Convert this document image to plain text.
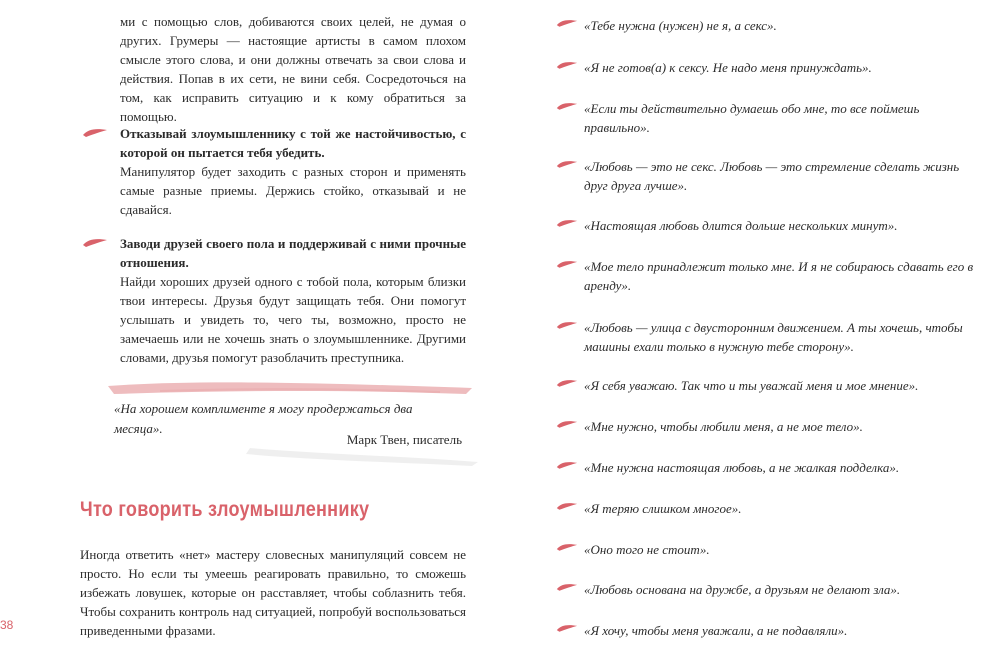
ми с помощью слов, добиваются своих целей, не думая о других. Грумеры — настоящие артисты в самом плохом смысле этого слова, и они должны отвечать за свои слова и действия. Попав в их сети, не вини себя. Сосредоточься на том, как исправить ситуацию и к кому обратиться за помощью.

Отказывай злоумышленнику с той же настойчивостью, с которой он пытается тебя убедить.
Манипулятор будет заходить с разных сторон и применять самые разные приемы. Держись стойко, отказывай и не сдавайся.
Заводи друзей своего пола и поддерживай с ними прочные отношения.
Найди хороших друзей одного с тобой пола, которым близки твои интересы. Друзья будут защищать тебя. Они помогут услышать и увидеть то, чего ты, возможно, просто не замечаешь или не хочешь знать о злоумышленнике. Другими словами, друзья помогут разоблачить преступника.

«На хорошем комплименте я могу продержаться два месяца».

Марк Твен, писатель

Что говорить злоумышленнику

Иногда ответить «нет» мастеру словесных манипуляций совсем не просто. Но если ты умеешь реагировать правильно, то сможешь избежать ловушек, которые он расставляет, чтобы соблазнить тебя. Чтобы сохранить контроль над ситуацией, попробуй воспользоваться приведенными фразами.

38

«Тебе нужна (нужен) не я, а секс».

«Я не готов(а) к сексу. Не надо меня принуждать».

«Если ты действительно думаешь обо мне, то все поймешь правильно».

«Любовь — это не секс. Любовь — это стремление сделать жизнь друг друга лучше».

«Настоящая любовь длится дольше нескольких минут».

«Мое тело принадлежит только мне. И я не собираюсь сдавать его в аренду».

«Любовь — улица с двусторонним движением. А ты хочешь, чтобы машины ехали только в нужную тебе сторону».

«Я себя уважаю. Так что и ты уважай меня и мое мнение».

«Мне нужно, чтобы любили меня, а не мое тело».

«Мне нужна настоящая любовь, а не жалкая подделка».

«Я теряю слишком многое».

«Оно того не стоит».

«Любовь основана на дружбе, а друзьям не делают зла».

«Я хочу, чтобы меня уважали, а не подавляли».
